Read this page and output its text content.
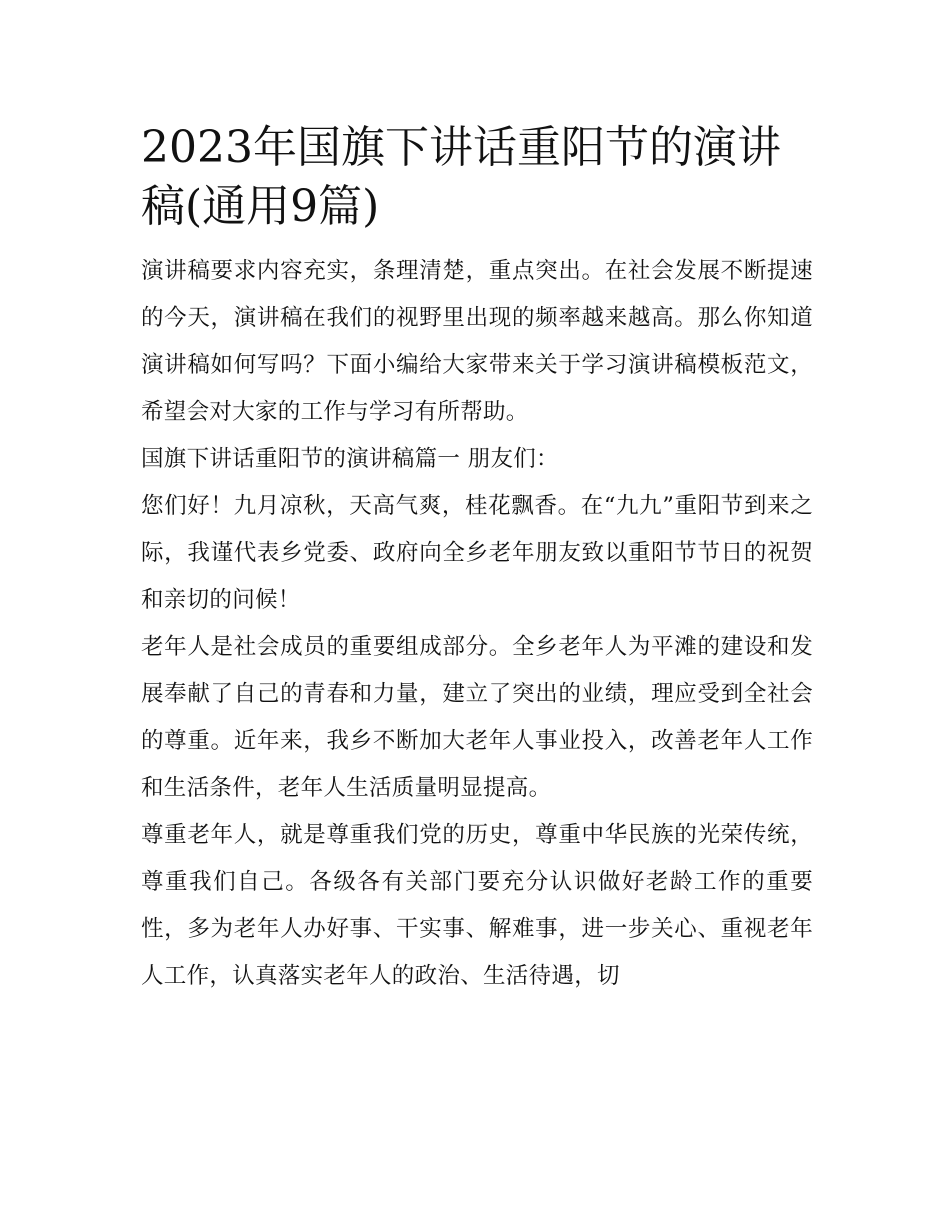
2023年国旗下讲话重阳节的演讲稿(通用9篇)

演讲稿要求内容充实，条理清楚，重点突出。在社会发展不断提速的今天，演讲稿在我们的视野里出现的频率越来越高。那么你知道演讲稿如何写吗？下面小编给大家带来关于学习演讲稿模板范文，希望会对大家的工作与学习有所帮助。

国旗下讲话重阳节的演讲稿篇一 朋友们：

您们好！九月凉秋，天高气爽，桂花飘香。在“九九”重阳节到来之际，我谨代表乡党委、政府向全乡老年朋友致以重阳节节日的祝贺和亲切的问候！

老年人是社会成员的重要组成部分。全乡老年人为平滩的建设和发展奉献了自己的青春和力量，建立了突出的业绩，理应受到全社会的尊重。近年来，我乡不断加大老年人事业投入，改善老年人工作和生活条件，老年人生活质量明显提高。

尊重老年人，就是尊重我们党的历史，尊重中华民族的光荣传统，尊重我们自己。各级各有关部门要充分认识做好老龄工作的重要性，多为老年人办好事、干实事、解难事，进一步关心、重视老年人工作，认真落实老年人的政治、生活待遇，切
